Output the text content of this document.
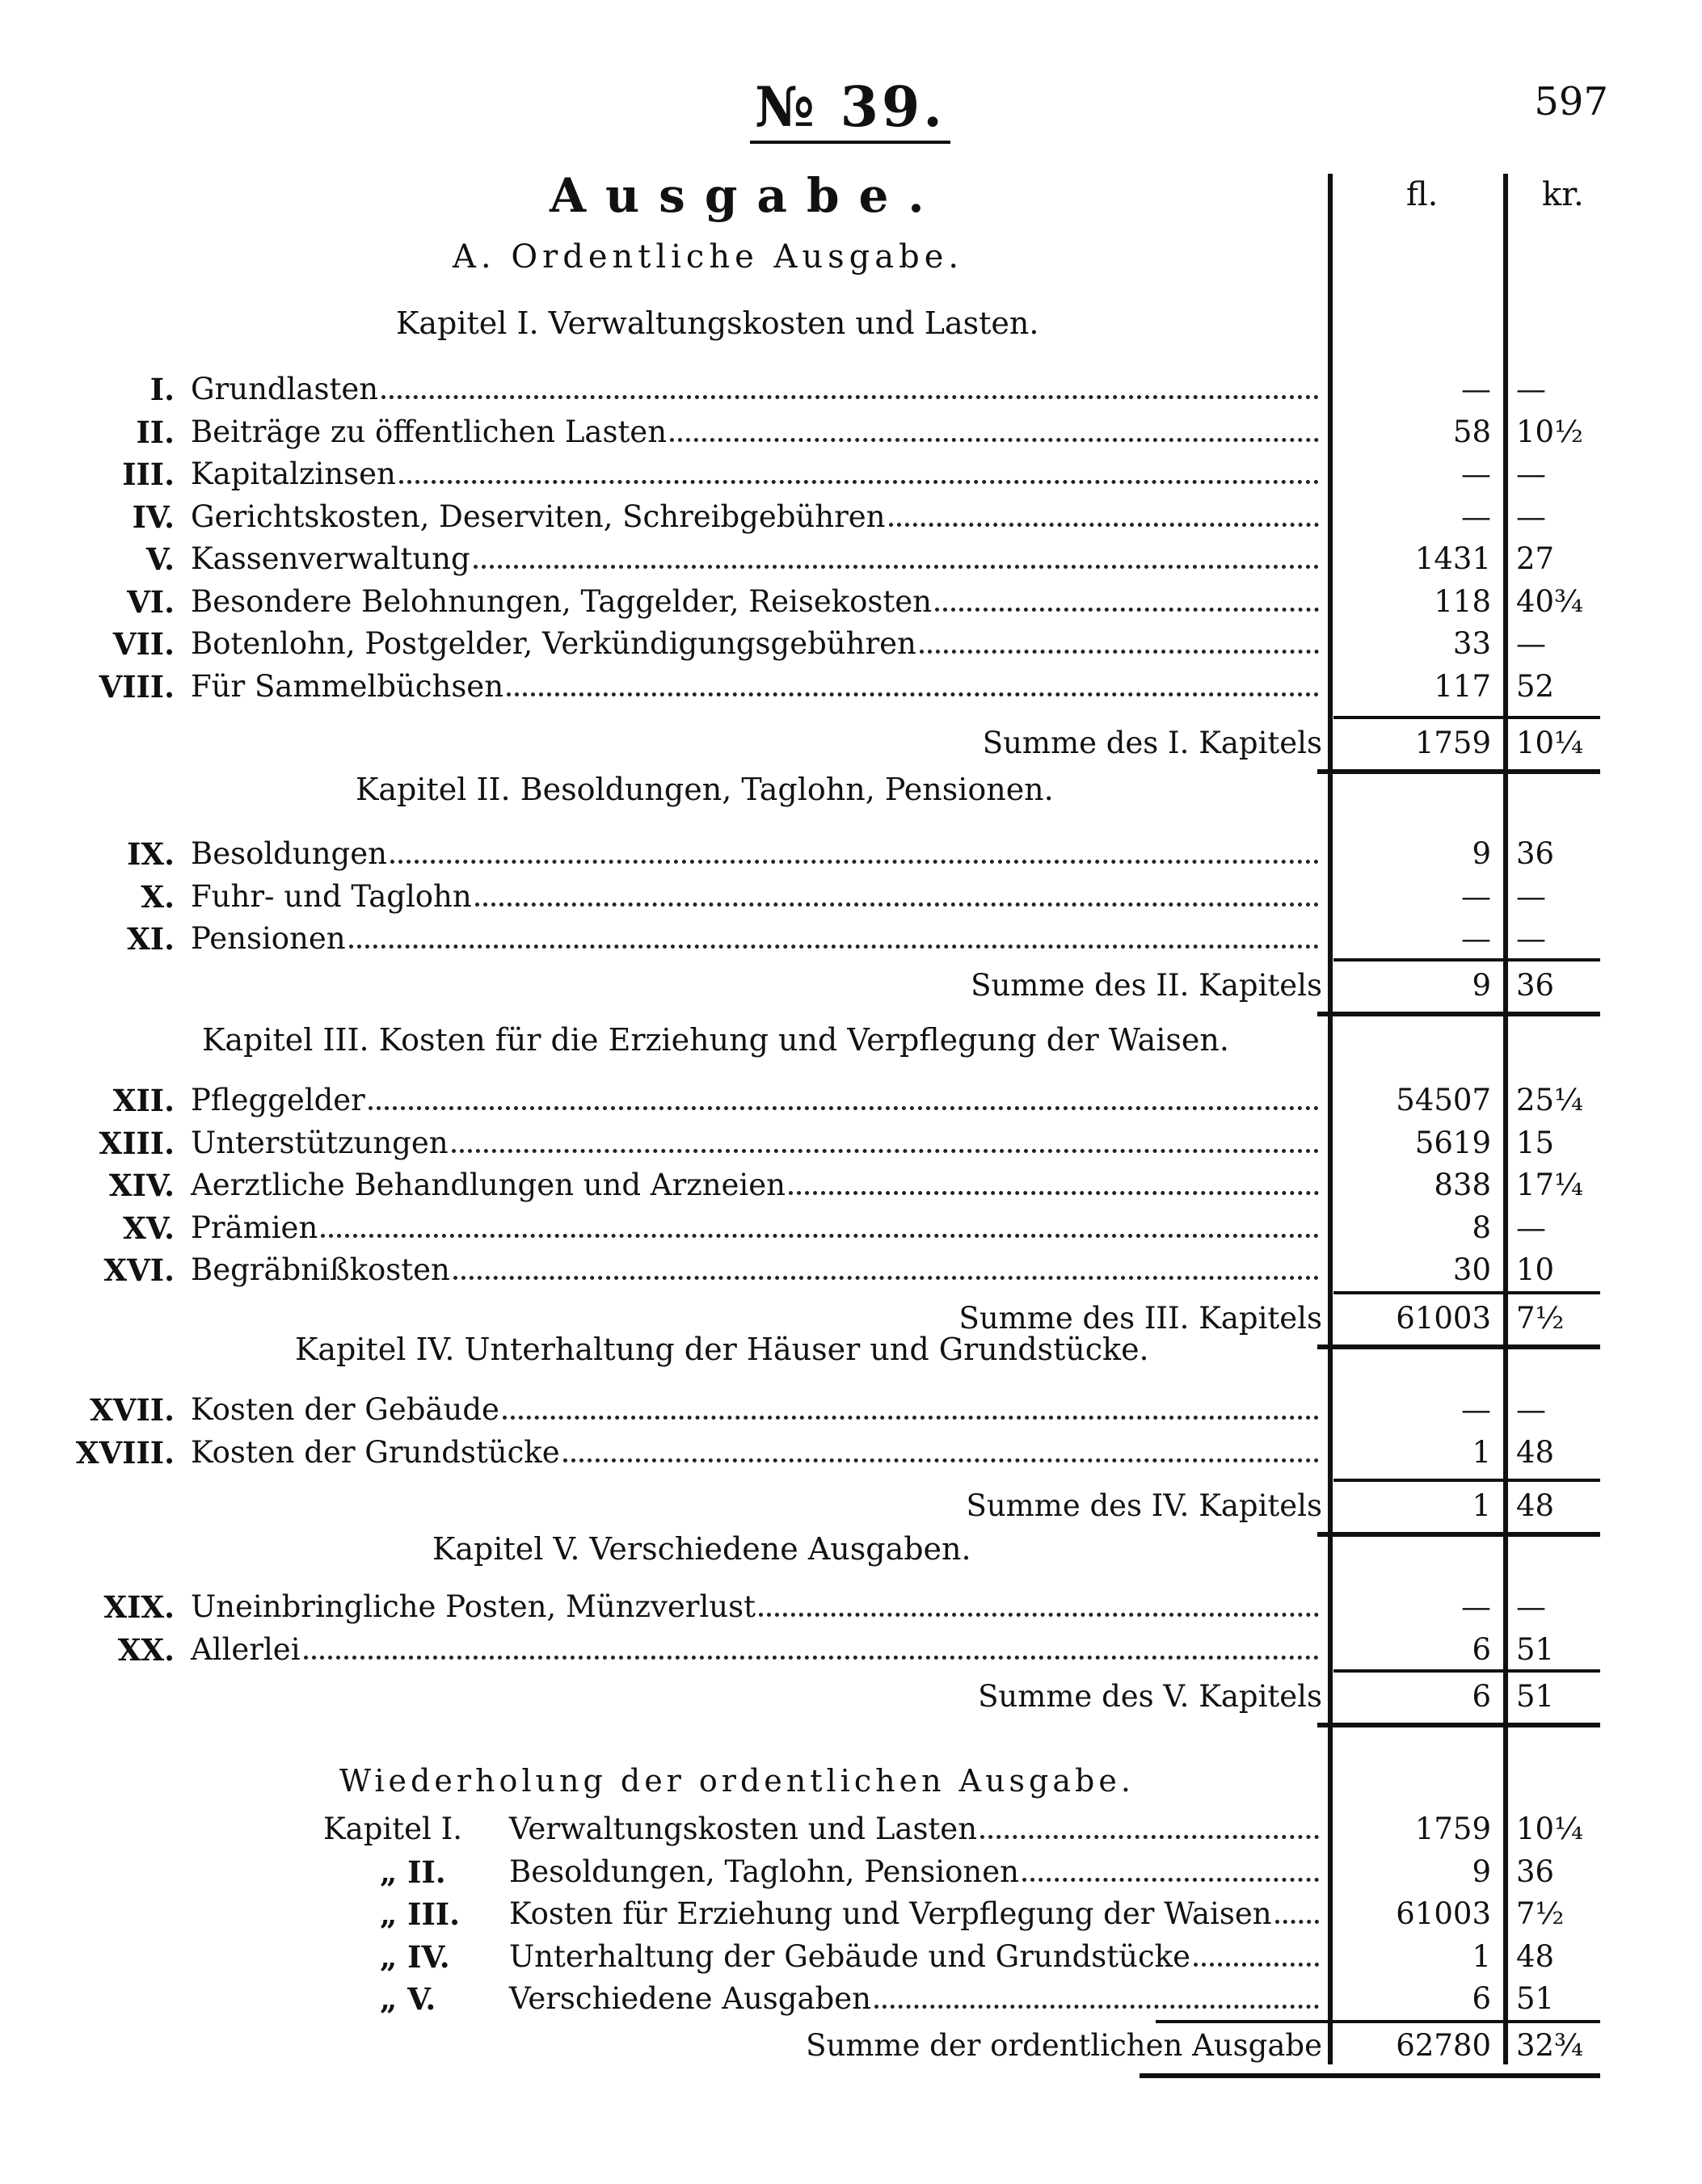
№ 39.	597
fl.	kr.
Ausgabe.
A. Ordentliche Ausgabe.
Kapitel I. Verwaltungskosten und Lasten.
I. Grundlasten	— —
II. Beiträge zu öffentlichen Lasten	58 10½
III. Kapitalzinsen	— —
IV. Gerichtskosten, Deserviten, Schreibgebühren	— —
V. Kassenverwaltung	1431 27
VI. Besondere Belohnungen, Taggelder, Reisekosten	118 40¾
VII. Botenlohn, Postgelder, Verkündigungsgebühren	33 —
VIII. Für Sammelbüchsen	117 52
Summe des I. Kapitels	1759 10¼
Kapitel II. Besoldungen, Taglohn, Pensionen.
IX. Besoldungen	9 36
X. Fuhr- und Taglohn	— —
XI. Pensionen	— —
Summe des II. Kapitels	9 36
Kapitel III. Kosten für die Erziehung und Verpflegung der Waisen.
XII. Pfleggelder	54507 25¼
XIII. Unterstützungen	5619 15
XIV. Aerztliche Behandlungen und Arzneien	838 17¼
XV. Prämien	8 —
XVI. Begräbnißkosten	30 10
Summe des III. Kapitels	61003 7½
Kapitel IV. Unterhaltung der Häuser und Grundstücke.
XVII. Kosten der Gebäude	— —
XVIII. Kosten der Grundstücke	1 48
Summe des IV. Kapitels	1 48
Kapitel V. Verschiedene Ausgaben.
XIX. Uneinbringliche Posten, Münzverlust	— —
XX. Allerlei	6 51
Summe des V. Kapitels	6 51
Wiederholung der ordentlichen Ausgabe.
Kapitel I. Verwaltungskosten und Lasten	1759 10¼
„ II. Besoldungen, Taglohn, Pensionen	9 36
„ III. Kosten für Erziehung und Verpflegung der Waisen	61003 7½
„ IV. Unterhaltung der Gebäude und Grundstücke	1 48
„ V. Verschiedene Ausgaben	6 51
Summe der ordentlichen Ausgabe	62780 32¾
